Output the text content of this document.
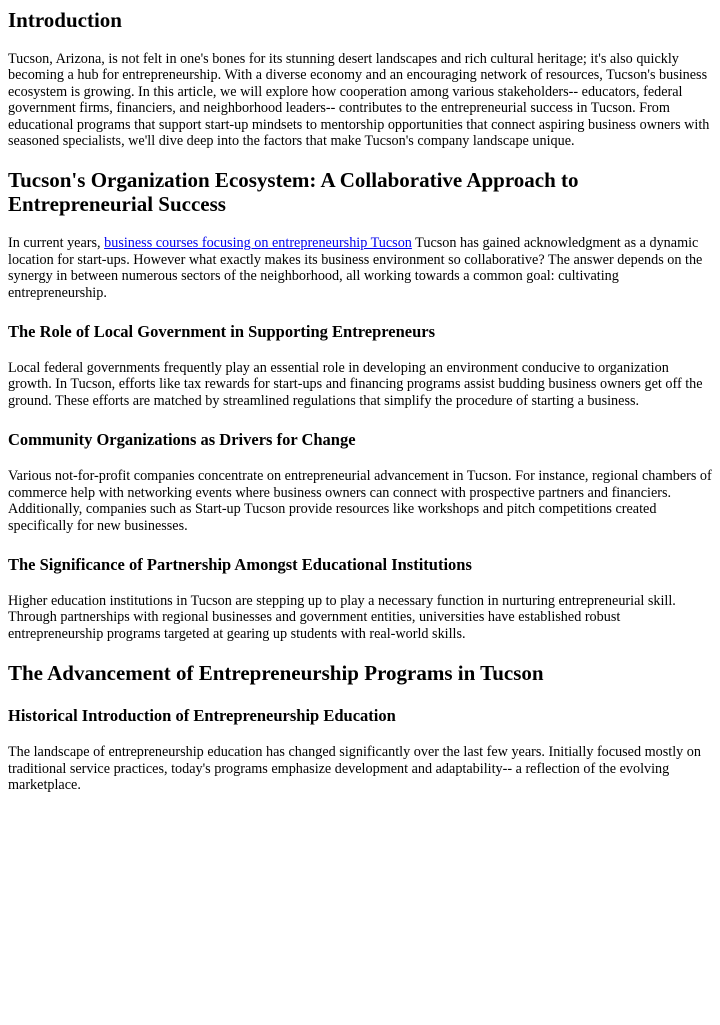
Introduction

Tucson, Arizona, is not felt in one's bones for its stunning desert landscapes and rich cultural heritage; it's also quickly becoming a hub for entrepreneurship. With a diverse economy and an encouraging network of resources, Tucson's business ecosystem is growing. In this article, we will explore how cooperation among various stakeholders-- educators, federal government firms, financiers, and neighborhood leaders-- contributes to the entrepreneurial success in Tucson. From educational programs that support start-up mindsets to mentorship opportunities that connect aspiring business owners with seasoned specialists, we'll dive deep into the factors that make Tucson's company landscape unique.

Tucson's Organization Ecosystem: A Collaborative Approach to Entrepreneurial Success

In current years, business courses focusing on entrepreneurship Tucson Tucson has gained acknowledgment as a dynamic location for start-ups. However what exactly makes its business environment so collaborative? The answer depends on the synergy in between numerous sectors of the neighborhood, all working towards a common goal: cultivating entrepreneurship.

The Role of Local Government in Supporting Entrepreneurs

Local federal governments frequently play an essential role in developing an environment conducive to organization growth. In Tucson, efforts like tax rewards for start-ups and financing programs assist budding business owners get off the ground. These efforts are matched by streamlined regulations that simplify the procedure of starting a business.

Community Organizations as Drivers for Change

Various not-for-profit companies concentrate on entrepreneurial advancement in Tucson. For instance, regional chambers of commerce help with networking events where business owners can connect with prospective partners and financiers. Additionally, companies such as Start-up Tucson provide resources like workshops and pitch competitions created specifically for new businesses.

The Significance of Partnership Amongst Educational Institutions

Higher education institutions in Tucson are stepping up to play a necessary function in nurturing entrepreneurial skill. Through partnerships with regional businesses and government entities, universities have established robust entrepreneurship programs targeted at gearing up students with real-world skills.

The Advancement of Entrepreneurship Programs in Tucson
Historical Introduction of Entrepreneurship Education

The landscape of entrepreneurship education has changed significantly over the last few years. Initially focused mostly on traditional service practices, today's programs emphasize development and adaptability-- a reflection of the evolving marketplace.
